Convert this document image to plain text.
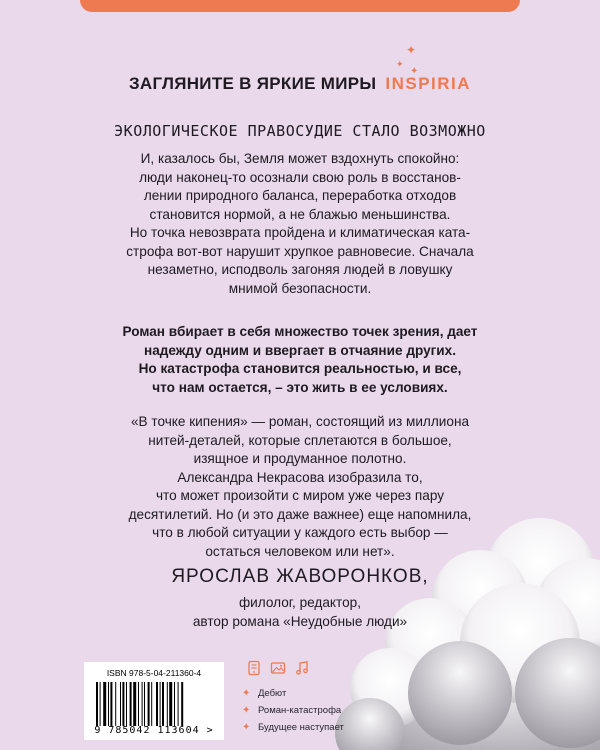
✦
✦
✦
ЗАГЛЯНИТЕ В ЯРКИЕ МИРЫ INSPIRIA
ЭКОЛОГИЧЕСКОЕ ПРАВОСУДИЕ СТАЛО ВОЗМОЖНО

И, казалось бы, Земля может вздохнуть спокойно:
люди наконец-то осознали свою роль в восстанов-
лении природного баланса, переработка отходов
становится нормой, а не блажью меньшинства.
Но точка невозврата пройдена и климатическая ката-
строфа вот-вот нарушит хрупкое равновесие. Сначала
незаметно, исподволь загоняя людей в ловушку
мнимой безопасности.

Роман вбирает в себя множество точек зрения, дает
надежду одним и ввергает в отчаяние других.
Но катастрофа становится реальностью, и все,
что нам остается, – это жить в ее условиях.

«В точке кипения» — роман, состоящий из миллиона
нитей-деталей, которые сплетаются в большое,
изящное и продуманное полотно.
Александра Некрасова изобразила то,
что может произойти с миром уже через пару
десятилетий. Но (и это даже важнее) еще напомнила,
что в любой ситуации у каждого есть выбор —
остаться человеком или нет».

ЯРОСЛАВ ЖАВОРОНКОВ,

филолог, редактор,
автор романа «Неудобные люди»

ISBN 978-5-04-211360-4
9 785042 113604 >
✦ Дебют
✦ Роман-катастрофа
✦ Будущее наступает
